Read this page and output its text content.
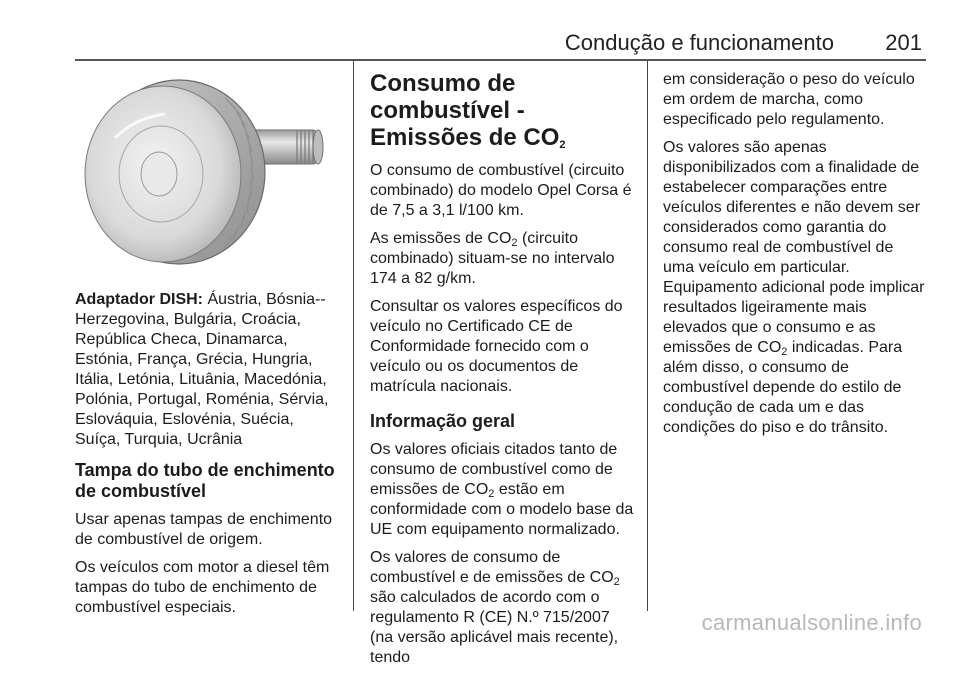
Condução e funcionamento 201

Adaptador DISH: Áustria, Bósnia--Herzegovina, Bulgária, Croácia, República Checa, Dinamarca, Estónia, França, Grécia, Hungria, Itália, Letónia, Lituânia, Macedónia, Polónia, Portugal, Roménia, Sérvia, Eslováquia, Eslovénia, Suécia, Suíça, Turquia, Ucrânia

Tampa do tubo de enchimento de combustível

Usar apenas tampas de enchimento de combustível de origem.

Os veículos com motor a diesel têm tampas do tubo de enchimento de combustível especiais.

Consumo de combustível - Emissões de $CO_2$

O consumo de combustível (circuito combinado) do modelo Opel Corsa é de 7,5 a 3,1 l/100 km.

As emissões de $CO_2$ (circuito combinado) situam-se no intervalo 174 a 82 g/km.

Consultar os valores específicos do veículo no Certificado CE de Conformidade fornecido com o veículo ou os documentos de matrícula nacionais.

Informação geral

Os valores oficiais citados tanto de consumo de combustível como de emissões de $CO_2$ estão em conformidade com o modelo base da UE com equipamento normalizado.

Os valores de consumo de combustível e de emissões de $CO_2$ são calculados de acordo com o regulamento R (CE) N.º 715/2007 (na versão aplicável mais recente), tendo

em consideração o peso do veículo em ordem de marcha, como especificado pelo regulamento.

Os valores são apenas disponibilizados com a finalidade de estabelecer comparações entre veículos diferentes e não devem ser considerados como garantia do consumo real de combustível de uma veículo em particular. Equipamento adicional pode implicar resultados ligeiramente mais elevados que o consumo e as emissões de $CO_2$ indicadas. Para além disso, o consumo de combustível depende do estilo de condução de cada um e das condições do piso e do trânsito.

carmanualsonline.info
